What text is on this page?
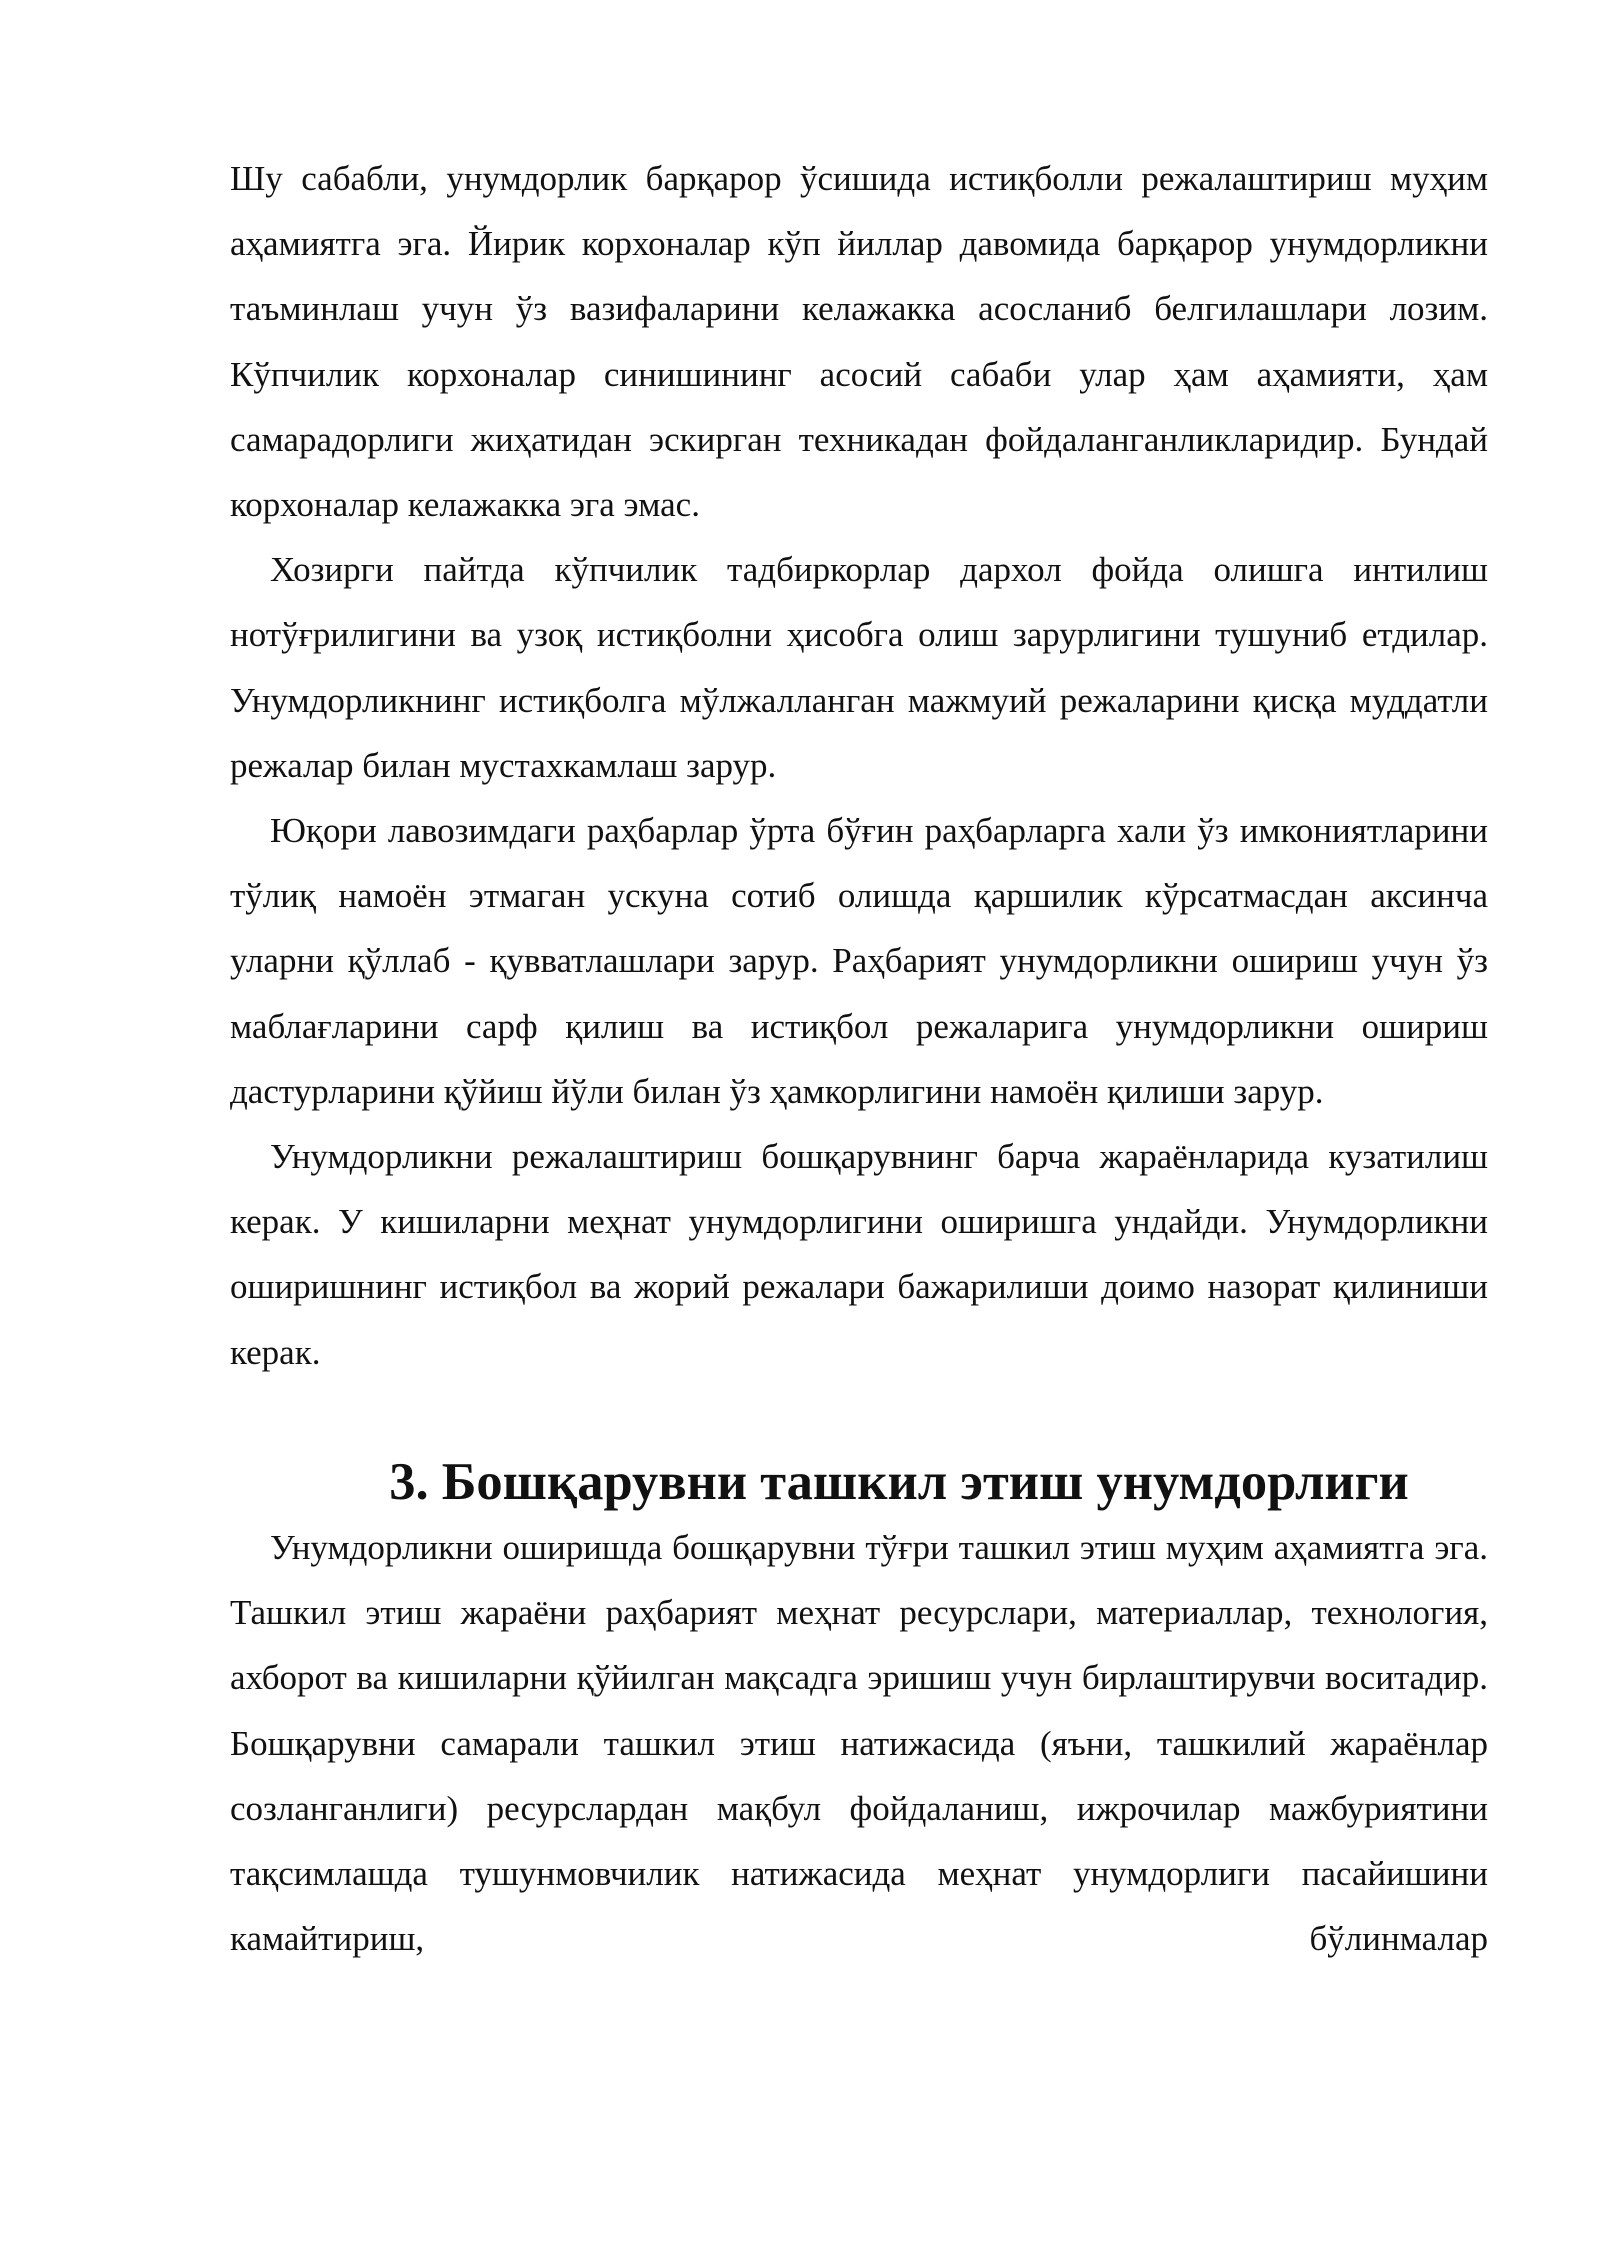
Шу сабабли, унумдорлик барқарор ўсишида истиқболли режалаштириш муҳим аҳамиятга эга. Йирик корхоналар кўп йиллар давомида барқарор унумдорликни таъминлаш учун ўз вазифаларини келажакка асосланиб белгилашлари лозим. Кўпчилик корхоналар синишининг асосий сабаби улар ҳам аҳамияти, ҳам самарадорлиги жиҳатидан эскирган техникадан фойдаланганликларидир. Бундай корхоналар келажакка эга эмас.

Хозирги пайтда кўпчилик тадбиркорлар дархол фойда олишга интилиш нотўғрилигини ва узоқ истиқболни ҳисобга олиш зарурлигини тушуниб етдилар. Унумдорликнинг истиқболга мўлжалланган мажмуий режаларини қисқа муддатли режалар билан мустахкамлаш зарур.

Юқори лавозимдаги раҳбарлар ўрта бўғин раҳбарларга хали ўз имкониятларини тўлиқ намоён этмаган ускуна сотиб олишда қаршилик кўрсатмасдан аксинча уларни қўллаб - қувватлашлари зарур. Раҳбарият унумдорликни ошириш учун ўз маблағларини сарф қилиш ва истиқбол режаларига унумдорликни ошириш дастурларини қўйиш йўли билан ўз ҳамкорлигини намоён қилиши зарур.

Унумдорликни режалаштириш бошқарувнинг барча жараёнларида кузатилиш керак. У кишиларни меҳнат унумдорлигини оширишга ундайди. Унумдорликни оширишнинг истиқбол ва жорий режалари бажарилиши доимо назорат қилиниши керак.

3. Бошқарувни ташкил этиш унумдорлиги

Унумдорликни оширишда бошқарувни тўғри ташкил этиш муҳим аҳамиятга эга. Ташкил этиш жараёни раҳбарият меҳнат ресурслари, материаллар, технология, ахборот ва кишиларни қўйилган мақсадга эришиш учун бирлаштирувчи воситадир. Бошқарувни самарали ташкил этиш натижасида (яъни, ташкилий жараёнлар созланганлиги) ресурслардан мақбул фойдаланиш, ижрочилар мажбуриятини тақсимлашда тушунмовчилик натижасида меҳнат унумдорлиги пасайишини камайтириш, бўлинмалар
